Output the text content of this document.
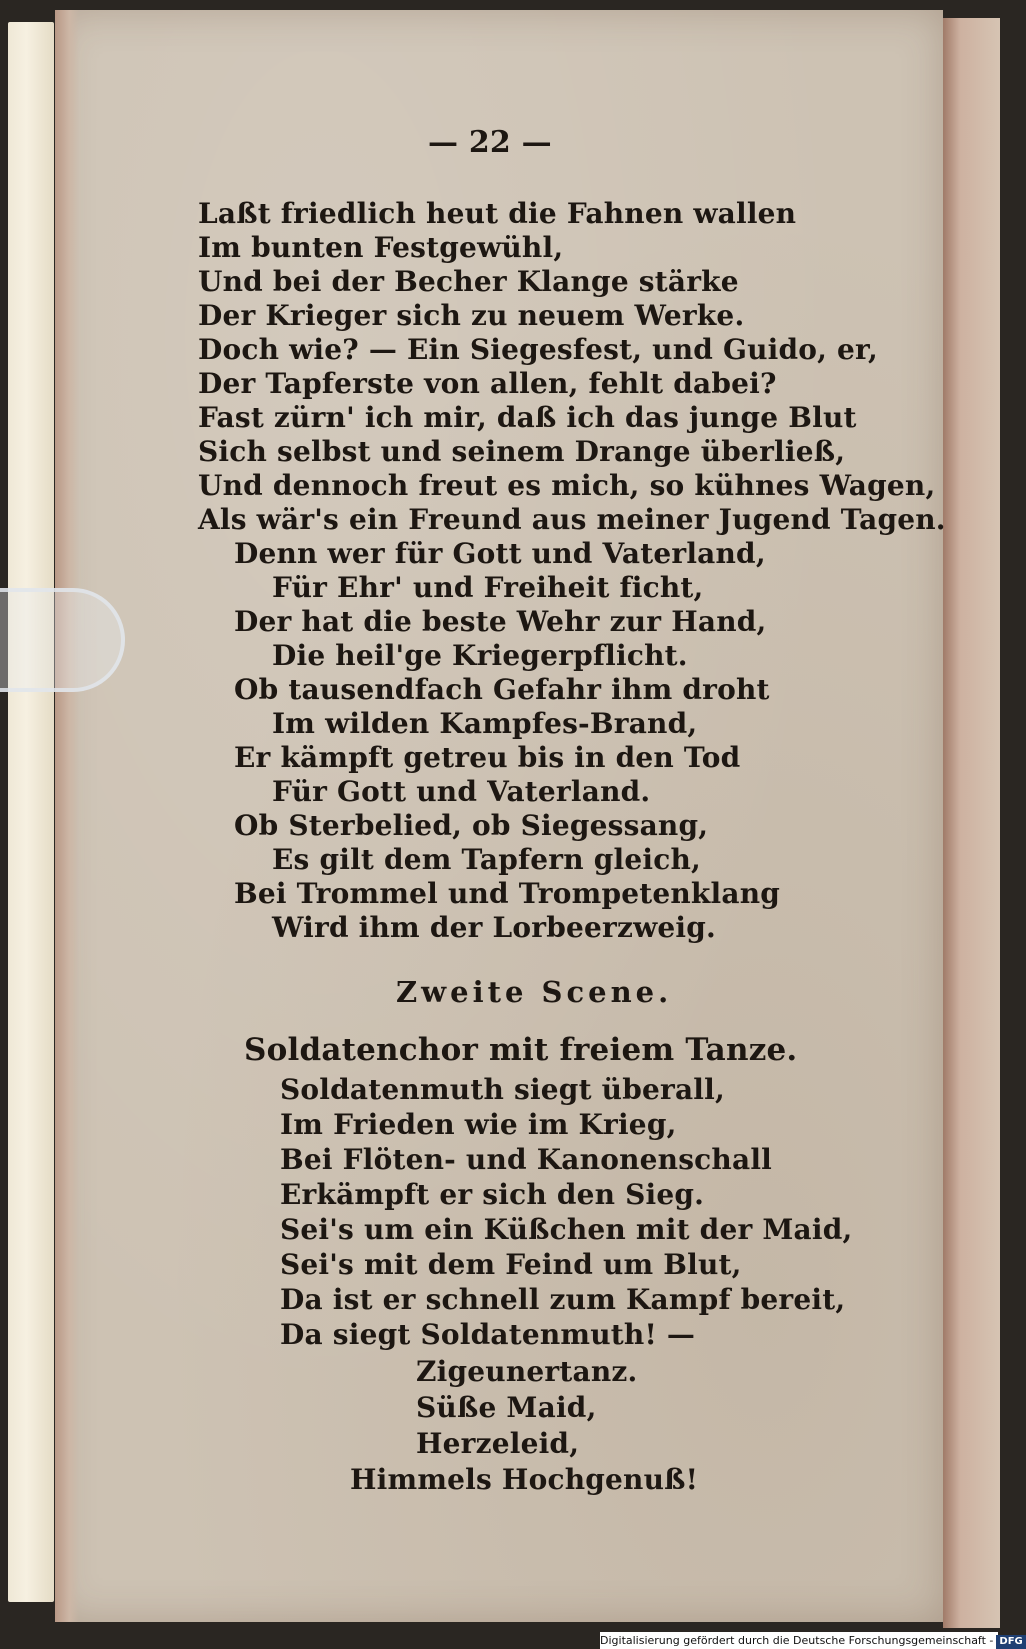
— 22 —
Laßt friedlich heut die Fahnen wallen
Im bunten Festgewühl,
Und bei der Becher Klange stärke
Der Krieger sich zu neuem Werke.
Doch wie? — Ein Siegesfest, und Guido, er,
Der Tapferste von allen, fehlt dabei?
Fast zürn' ich mir, daß ich das junge Blut
Sich selbst und seinem Drange überließ,
Und dennoch freut es mich, so kühnes Wagen,
Als wär's ein Freund aus meiner Jugend Tagen.
Denn wer für Gott und Vaterland,
Für Ehr' und Freiheit ficht,
Der hat die beste Wehr zur Hand,
Die heil'ge Kriegerpflicht.
Ob tausendfach Gefahr ihm droht
Im wilden Kampfes-Brand,
Er kämpft getreu bis in den Tod
Für Gott und Vaterland.
Ob Sterbelied, ob Siegessang,
Es gilt dem Tapfern gleich,
Bei Trommel und Trompetenklang
Wird ihm der Lorbeerzweig.
Zweite Scene.
Soldatenchor mit freiem Tanze.
Soldatenmuth siegt überall,
Im Frieden wie im Krieg,
Bei Flöten- und Kanonenschall
Erkämpft er sich den Sieg.
Sei's um ein Küßchen mit der Maid,
Sei's mit dem Feind um Blut,
Da ist er schnell zum Kampf bereit,
Da siegt Soldatenmuth! —
Zigeunertanz.
Süße Maid,
Herzeleid,
Himmels Hochgenuß!
Digitalisierung gefördert durch die Deutsche Forschungsgemeinschaft - DFG
